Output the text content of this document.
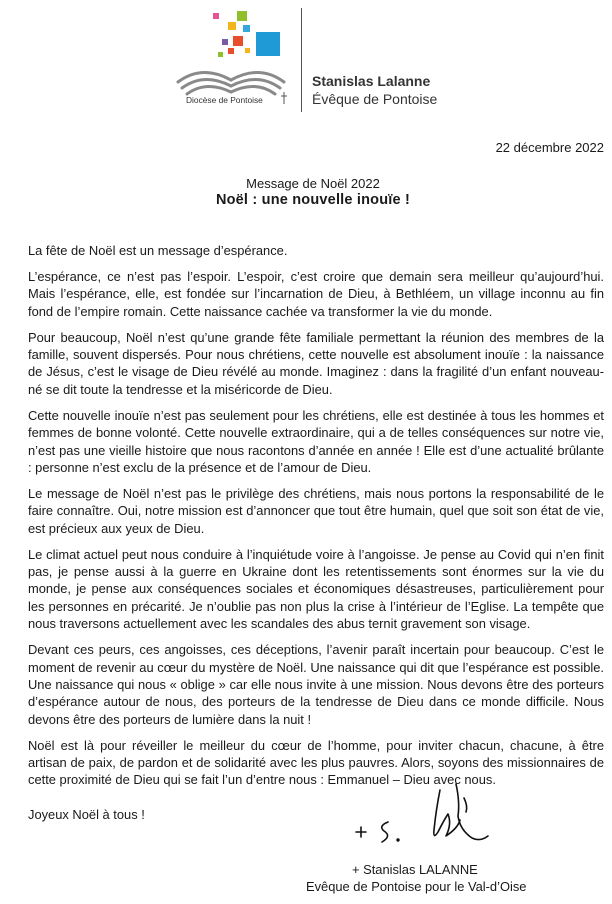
Diocèse de Pontoise
Stanislas Lalanne
Évêque de Pontoise
22 décembre 2022
Message de Noël 2022
Noël : une nouvelle inouïe !

La fête de Noël est un message d’espérance.

L’espérance, ce n’est pas l’espoir. L’espoir, c’est croire que demain sera meilleur qu’aujourd’hui. Mais l’espérance, elle, est fondée sur l’incarnation de Dieu, à Bethléem, un village inconnu au fin fond de l’empire romain. Cette naissance cachée va transformer la vie du monde.

Pour beaucoup, Noël n’est qu’une grande fête familiale permettant la réunion des membres de la famille, souvent dispersés. Pour nous chrétiens, cette nouvelle est absolument inouïe : la naissance de Jésus, c’est le visage de Dieu révélé au monde. Imaginez : dans la fragilité d’un enfant nouveau-né se dit toute la tendresse et la miséricorde de Dieu.

Cette nouvelle inouïe n’est pas seulement pour les chrétiens, elle est destinée à tous les hommes et femmes de bonne volonté. Cette nouvelle extraordinaire, qui a de telles conséquences sur notre vie, n’est pas une vieille histoire que nous racontons d’année en année ! Elle est d’une actualité brûlante : personne n’est exclu de la présence et de l’amour de Dieu.

Le message de Noël n’est pas le privilège des chrétiens, mais nous portons la responsabilité de le faire connaître. Oui, notre mission est d’annoncer que tout être humain, quel que soit son état de vie, est précieux aux yeux de Dieu.

Le climat actuel peut nous conduire à l’inquiétude voire à l’angoisse. Je pense au Covid qui n’en finit pas, je pense aussi à la guerre en Ukraine dont les retentissements sont énormes sur la vie du monde, je pense aux conséquences sociales et économiques désastreuses, particulièrement pour les personnes en précarité. Je n’oublie pas non plus la crise à l’intérieur de l’Eglise. La tempête que nous traversons actuellement avec les scandales des abus ternit gravement son visage.

Devant ces peurs, ces angoisses, ces déceptions, l’avenir paraît incertain pour beaucoup. C’est le moment de revenir au cœur du mystère de Noël. Une naissance qui dit que l’espérance est possible. Une naissance qui nous « oblige » car elle nous invite à une mission. Nous devons être des porteurs d’espérance autour de nous, des porteurs de la tendresse de Dieu dans ce monde difficile. Nous devons être des porteurs de lumière dans la nuit !

Noël est là pour réveiller le meilleur du cœur de l’homme, pour inviter chacun, chacune, à être artisan de paix, de pardon et de solidarité avec les plus pauvres. Alors, soyons des missionnaires de cette proximité de Dieu qui se fait l’un d’entre nous : Emmanuel – Dieu avec nous.

Joyeux Noël à tous !
+ Stanislas LALANNE
Evêque de Pontoise pour le Val-d’Oise
